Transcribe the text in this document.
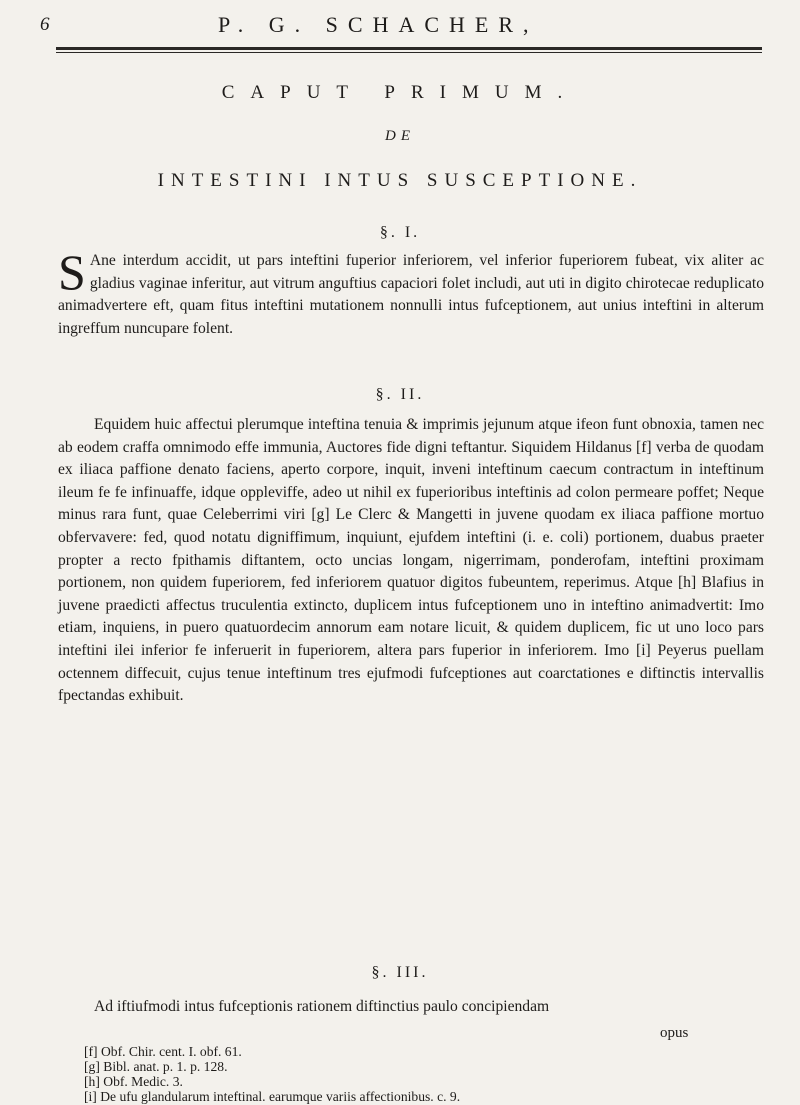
6	P. G. SCHACHER,
CAPUT PRIMUM.
DE
INTESTINI INTUS SUSCEPTIONE.
§. I.

S Ane interdum accidit, ut pars inteftini fuperior inferiorem, vel inferior fuperiorem fubeat, vix aliter ac gladius vaginae inferitur, aut vitrum anguftius capaciori folet includi, aut uti in digito chirotecae reduplicato animadvertere eft, quam fitus inteftini mutationem nonnulli intus fufceptionem, aut unius inteftini in alterum ingreffum nuncupare folent.

§. II.

Equidem huic affectui plerumque inteftina tenuia & imprimis jejunum atque ifeon funt obnoxia, tamen nec ab eodem craffa omnimodo effe immunia, Auctores fide digni teftantur. Siquidem Hildanus [f] verba de quodam ex iliaca paffione denato faciens, aperto corpore, inquit, inveni inteftinum caecum contractum in inteftinum ileum fe fe infinuaffe, idque oppleviffe, adeo ut nihil ex fuperioribus inteftinis ad colon permeare poffet; Neque minus rara funt, quae Celeberrimi viri [g] Le Clerc & Mangetti in juvene quodam ex iliaca paffione mortuo obfervavere: fed, quod notatu digniffimum, inquiunt, ejufdem inteftini (i. e. coli) portionem, duabus praeter propter a recto fpithamis diftantem, octo uncias longam, nigerrimam, ponderofam, inteftini proximam portionem, non quidem fuperiorem, fed inferiorem quatuor digitos fubeuntem, reperimus. Atque [h] Blafius in juvene praedicti affectus truculentia extincto, duplicem intus fufceptionem uno in inteftino animadvertit: Imo etiam, inquiens, in puero quatuordecim annorum eam notare licuit, & quidem duplicem, fic ut uno loco pars inteftini ilei inferior fe inferuerit in fuperiorem, altera pars fuperior in inferiorem. Imo [i] Peyerus puellam octennem diffecuit, cujus tenue inteftinum tres ejufmodi fufceptiones aut coarctationes e diftinctis intervallis fpectandas exhibuit.

§. III.

Ad iftiufmodi intus fufceptionis rationem diftinctius paulo concipiendam

opus
[f] Obf. Chir. cent. I. obf. 61.
[g] Bibl. anat. p. 1. p. 128.
[h] Obf. Medic. 3.
[i] De ufu glandularum inteftinal. earumque variis affectionibus. c. 9.
